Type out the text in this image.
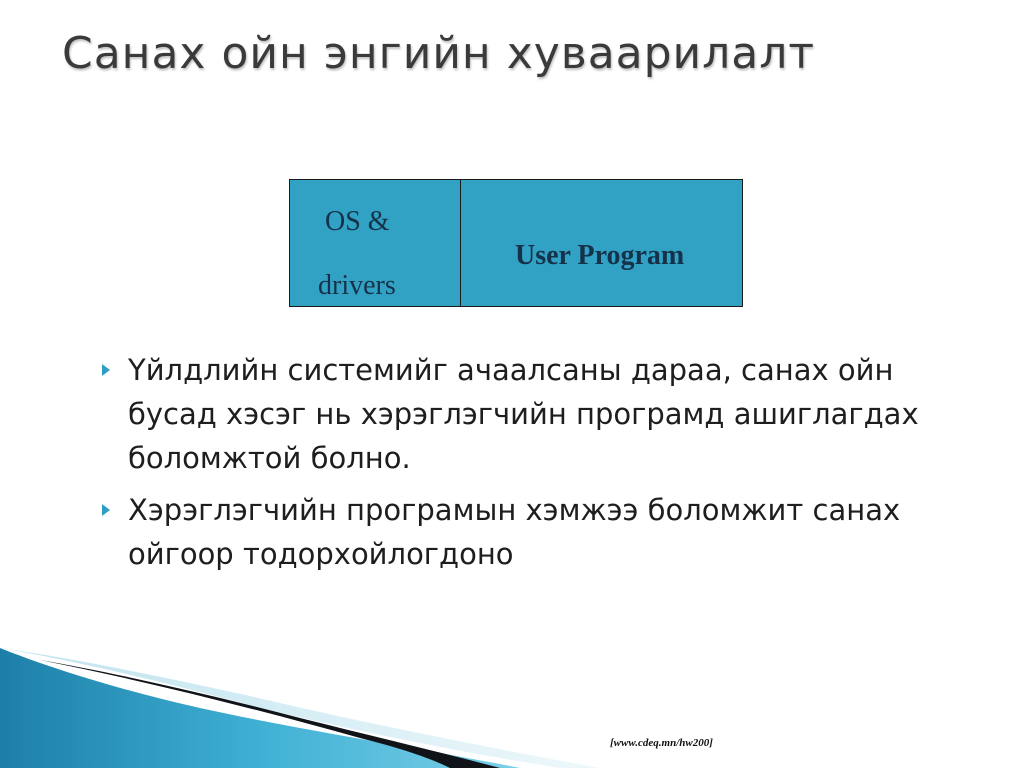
Санах ойн энгийн хуваарилалт
OS &
drivers
User Program
Үйлдлийн системийг ачаалсаны дараа, санах ойн бусад хэсэг нь хэрэглэгчийн програмд ашиглагдах боломжтой болно.
Хэрэглэгчийн програмын хэмжээ боломжит санах ойгоор тодорхойлогдоно
[www.cdeq.mn/hw200]
